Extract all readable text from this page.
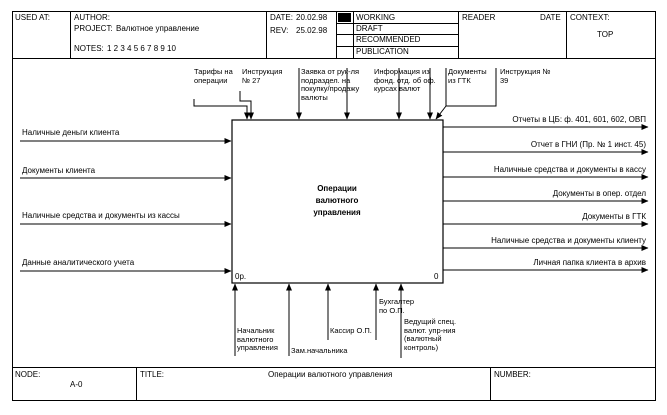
USED AT:	AUTHOR:
PROJECT: Валютное управление
NOTES: 1 2 3 4 5 6 7 8 9 10
DATE: 20.02.98
REV: 25.02.98
WORKING
DRAFT
RECOMMENDED
PUBLICATION
READER	DATE CONTEXT:
TOP
NODE:
А-0
TITLE:	Операции валютного управления	NUMBER:
Операции валютного управления
0р.	0
Наличные деньги клиента
Документы клиента
Наличные средства и документы из кассы
Данные аналитического учета
Отчеты в ЦБ: ф. 401, 601, 602, ОВП
Отчет в ГНИ (Пр. № 1 инст. 45)
Наличные средства и документы в кассу
Документы в опер. отдел
Документы в ГТК
Наличные средства и документы клиенту
Личная папка клиента в архив
Тарифы на операции
Инструкция № 27
Заявка от рук-ля подраздел. на покупку/продажу валюты
Информация из фонд. отд. об оф. курсах валют
Документы из ГТК
Инструкция № 39
Начальник валютного управления	Зам.начальника
Кассир О.П.
Бухгалтер по О.П.
Ведущий спец. валют. упр-ния (валютный контроль)
